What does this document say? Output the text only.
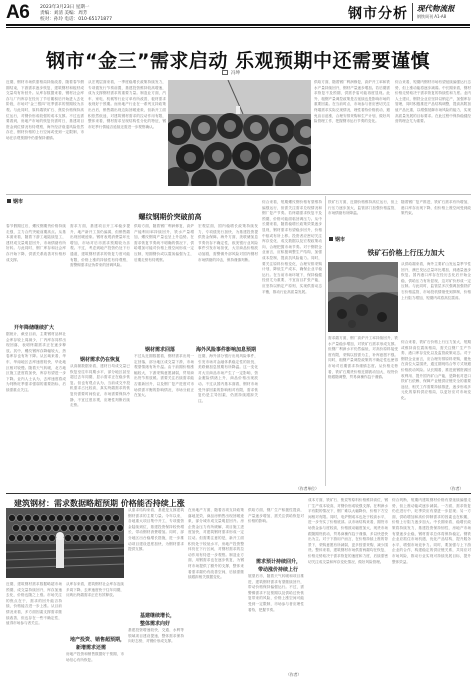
A6 2023年3月23日 星期一
责编：刘清 美编：周芳
校对：孙玲 电话：010-65171877	钢市分析 现代物流报
钢铁周刊 A1-A8
钢市“金三”需求启动 乐观预期中还需要谨慎
冯坤
近期，钢材市场供需格局持续改善，随着春节假期结束，下游需求逐步恢复，建筑钢材和板材成交量均有所回升。从库存数据来看，钢材社会库存与厂内库存在经历了节后累积后开始进入去化阶段，市场对“金三银四”旺季需求的预期较为乐观。与此同时，原料端铁矿石、焦炭价格保持高位运行，对钢价形成较强的成本支撑。不过也需要看到，房地产市场的恢复仍需时日，基建项目资金到位情况有待观察，海外经济衰退风险依然存在，钢材价格的上行空间或受到一定限制，市场在乐观预期中仍需保持谨慎。
从宏观层面来看，一季度稳增长政策持续发力，专项债发行节奏前置，基建投资维持较高增速，成为支撑钢材需求的重要力量。制造业方面，汽车、家电、机械等行业订单有所改善，板材需求表现好于预期。而房地产行业在一系列支持政策出台后，销售端出现边际回暖迹象，但新开工面积依然低迷，对建筑钢材需求的拉动作用有限，整体来看，钢材需求呈现结构性分化的特征，钢市旺季行情能否延续还需进一步观察确认。
供给方面，随着钢厂利润修复，高炉开工率和铁水产量持续回升，钢材产量逐步增加。若后期需求恢复不及预期，供需矛盾可能再度显现。此外，粗钢产量调控政策是否延续也是影响市场的重要因素。在当前时点，市场参与者应密切关注终端需求实际兑现情况，理性看待价格波动，避免盲目追涨，合理安排采购和生产计划，做好风险管理工作，把握钢市运行节奏的变化。
综合来看，短期内钢材市场有望延续偏强运行态势，但上涨动能将逐步减弱。中长期来看，钢材价格走势取决于需求恢复的持续性和力度。业内人士建议，钢铁企业应坚持以销定产，加强库存管理，同时积极推进产品结构调整，提高高附加值产品比重，以增强抵御市场风险的能力，实现高质量发展的目标要求。在此过程中保持稳健经营的理念尤为重要。
钢市
螺纹钢期价突破前高
春节假期过后，螺纹钢期货价格持续走强，主力合约突破前期高点。从基本面来看，随着下游工地陆续复工，建材成交量明显回升，市场情绪有所好转。与此同时，钢厂库存和社会库存开始下降，供需关系改善对价格形成支撑。
开年降储继续扩大
据统计，截至目前，主要钢材品种社会库存较上周减少，厂内库存同样出现回落，表明终端需求正在逐步释放。其中，螺纹钢库存降幅较大，热卷库存也有所下降。从区域来看，华东、华南地区去库速度较快，华北地区相对较慢。随着天气转暖，北方地区施工进度将加快，库存有望进一步下降。业内人士认为，去库速度将成为判断旺季需求强弱的重要指标，后续需重点关注。
需求方面，基建项目开工率稳步提升，地产新开工虽仍偏弱，但销售端出现回暖迹象。钢材表观消费量环比增加，市场对后市需求预期较为乐观。不过，考虑到地产投资仍处下行通道，建筑钢材需求的恢复力度可能有限，价格上涨的持续性有待观察，需警惕需求证伪带来的回调风险。
钢材需求仍在恢复
从高频数据来看，建材日均成交量已恢复至往年同期水平，部分地区甚至超过去年同期，显示需求正在稳步恢复。但也有观点认为，当前成交中投机需求占比较高，真实终端需求的恢复仍需要时间验证，市场需要保持冷静，不宜过度乐观，应理性判断后续走势。
供给方面，随着钢厂利润修复，高炉产能利用率持续回升，铁水产量增加，螺纹钢周产量也呈上升趋势。在需求恢复节奏尚不明确的情况下，供给增加可能对价格上涨空间形成一定压制，短期钢价或以震荡偏强为主，后期走势有待观察。
钢材需求回落
不过从近期数据看，钢材需求出现一定回落，部分地区成交量下滑，市场观望情绪有所升温。由于前期价格涨幅较大，下游采购意愿减弱，贸易商出货节奏放缓。需要关注后续需求能否重新回升，以及钢厂复产进度对市场供需平衡的影响情况，市场分歧正在加大。
宏观层面，国内稳增长政策持续发力，专项债发行加快，为基建投资提供资金保障。海外方面，美联储加息节奏仍存不确定性，欧美银行业风险事件引发市场担忧，大宗商品价格波动加剧，需警惕外部风险对国内钢材市场情绪的冲击，保持谨慎判断。
海外风险事件影响加息预期
近期，海外部分银行出现风险事件，引发市场对金融体系稳定性的担忧，美联储加息预期有所降温。这一变化对大宗商品市场产生了一定影响，资金避险情绪上升，商品价格出现波动。不过从国内基本面看，钢材市场受外部因素的影响相对有限，需求恢复仍是主导因素，仍需持续跟踪关注。
综合来看，短期螺纹钢价格有望维持偏强运行，但需关注需求兑现情况和钢厂复产节奏。若终端需求恢复不及预期，价格可能面临回调压力。从中长期来看，随着稳增长政策效果逐步显现，钢材需求有望稳步回升，价格中枢或有所上移。投资者应密切关注库存变化、成交数据以及宏观政策动向，合理把握市场节奏。对于钢铁企业而言，应积极调整生产结构，加强成本控制，提高抗风险能力。同时，要关注原料价格变化，合理安排采购计划，降低生产成本，确保企业平稳运行。在当前市场环境下，保持稳健经营尤为重要，不宜盲目扩张产能，应坚持以销定产原则，实现供需动态平衡，推动行业高质量发展。
（作者单位）
铁矿石方面，近期价格维持高位运行，但上行压力逐步加大，监管部门加强价格监管，市场情绪有所降温。
随着钢厂复产推进，铁矿石需求有所增加，港口库存出现下降，但价格上涨空间受到政策约束。
钢市
铁矿石价格上行压力加大
从供给端来看，海外主要矿山发运量季节性回升，澳巴发运总量环比增加，到港量逐步恢复。国内港口库存在经历去化后开始企稳，供给压力有所显现，这对矿价形成一定压制。与此同时，监管层多次强调加强铁矿石价格监管，市场投机情绪受到抑制，价格上行阻力增加，短期内或将高位震荡。
需求端方面，钢厂高炉开工率持续回升，铁水产量稳步增加，对铁矿石需求形成支撑。但钢厂利润水平仍然偏低，对高价原料接受度有限，采购以按需为主，补库意愿不强。同时，粗钢产量调控政策的不确定性也使得市场对后期需求持谨慎态度。从价格走势看，铁矿石期货价格近期波动加大，现货价格跟随调整，贸易商操作趋于谨慎。
综合来看，铁矿石价格上行压力加大，短期或维持高位震荡格局，需关注钢厂生产节奏、港口库存变化以及监管政策动态。对于钢铁企业而言，应合理安排原料采购，避免在高位大量囤货，通过期现结合等方式规避价格波动风险。从长期看，推进废钢资源回收利用、提升国内矿山产能，是降低对进口铁矿石依赖、保障产业链供应链安全的重要途径，相关工作需要持续推进，逐步形成多元化的原料供应格局，以更好应对市场变化。
（作者）
建筑钢材：需求数据略超预期 价格能否持续上涨
近期，建筑钢材需求数据略超市场预期，成交量持续回升，库存加速去化，价格也随之上涨。市场关注的焦点在于，需求的回升能否持续，价格能否进一步上涨。从目前情况来看，多方面因素支撑需求继续改善，但也存在一些不确定性，值得市场参与者关注。
从库存来看，建筑钢材社会库存连续多周下降，去库速度快于往年同期，反映出终端需求正在有效释放。
地产投资、销售超预期，
新增需求还需
房地产投资和销售数据好于预期，市场信心有所恢复。
从需求结构来看，基建是支撑建筑钢材需求的主要力量。今年以来，各地重大项目集中开工，专项债资金陆续到位，基建投资保持较快增长，带动钢材消费增加。同时，部分地区出台稳增长措施，进一步推动项目建设进度加快，为钢材需求提供支撑。
基建继续增长，
整体需求向好
基建投资增速较快，交通、水利等领域项目建设提速，整体需求保持向好态势，对钢价形成支撑。
在房地产方面，随着各项支持政策落地见效，商品房销售出现回暖迹象，部分城市成交量明显回升。房企资金压力有所缓解，项目施工进度加快，对建筑钢材需求形成一定拉动。但需要注意的是，新开工面积仍处于较低水平，房地产投资整体仍在下行区间，对钢材需求的拉动作用有待进一步观察。制造业方面，用钢需求也在逐步恢复，为钢材市场提供了额外的支撑，整体来看需求端仍有改善空间，后续需继续跟踪相关数据变化。
供给方面，钢厂生产积极性提高，产量逐步增加，需关注供给恢复对价格的影响。
需求预计持续回升，
带动涨价持续上行
展望后市，随着天气转暖和项目推进，建筑钢材需求有望继续回升，带动价格保持偏强运行。不过，需警惕需求不及预期以及供给过快恢复带来的风险，价格上涨空间可能受到一定限制，市场参与者应理性看待，把握节奏。
（作者）
成本方面，铁矿石、焦炭等原料价格维持高位，钢厂生产成本较高，对钢价形成较强支撑。在利润水平有限的情况下，钢厂难以大幅降价，价格下方空间相对有限。同时，电炉钢成本也处于较高水平，进一步夯实了价格底部。从市场结构来看，期货市场资金参与度较高，价格波动幅度加大，现货市场跟随期货波动，贸易商操作趋于谨慎，多以快进快出为主。对于下游用户而言，在价格持续上涨的背景下，采购意愿有所减弱，更多按需采购，减少囤货。整体来看，建筑钢材市场供需两端均在恢复，价格走势取决于需求恢复的速度和力度，后续需密切关注成交量和库存变化情况，做好风险管理。
综合判断，短期内建筑钢材价格有望延续偏强走势，但上涨动能或逐步减弱。一方面，需求恢复仍在进行中，旺季效应有望进一步显现；另一方面，供给增加和高价抑制需求的因素也在积累，价格上行阻力逐步加大。中长期来看，稳增长政策将持续发力，基建投资保持韧性，房地产市场有望逐步企稳，钢材需求总体将保持稳定。钢铁企业应抓住市场机遇，优化产品结构，提升服务水平，增强市场竞争力。同时，要加强与上下游企业的合作，构建稳定的供应链关系，共同应对市场风险，推动行业实现可持续发展目标，提升整体效益。
